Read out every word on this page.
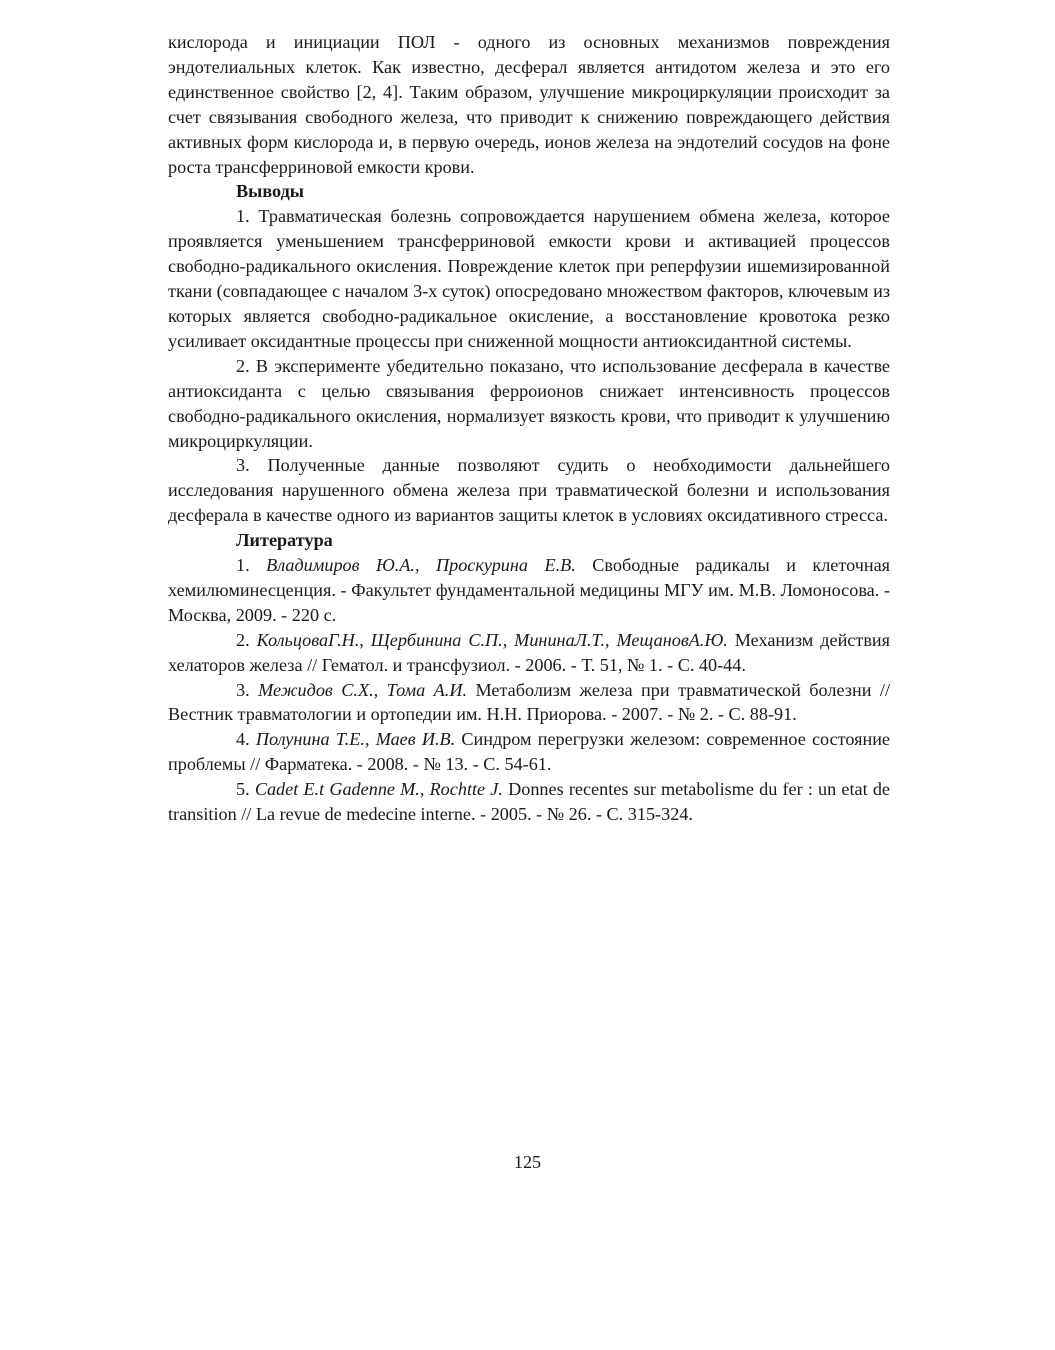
кислорода и инициации ПОЛ - одного из основных механизмов повреждения эндотелиальных клеток. Как известно, десферал является антидотом железа и это его единственное свойство [2, 4]. Таким образом, улучшение микроциркуляции происходит за счет связывания свободного железа, что приводит к снижению повреждающего действия активных форм кислорода и, в первую очередь, ионов железа на эндотелий сосудов на фоне роста трансферриновой емкости крови.

Выводы

1. Травматическая болезнь сопровождается нарушением обмена железа, которое проявляется уменьшением трансферриновой емкости крови и активацией процессов свободно-радикального окисления. Повреждение клеток при реперфузии ишемизированной ткани (совпадающее с началом 3-х суток) опосредовано множеством факторов, ключевым из которых является свободно-радикальное окисление, а восстановление кровотока резко усиливает оксидантные процессы при сниженной мощности антиоксидантной системы.

2. В эксперименте убедительно показано, что использование десферала в качестве антиоксиданта с целью связывания ферроионов снижает интенсивность процессов свободно-радикального окисления, нормализует вязкость крови, что приводит к улучшению микроциркуляции.

3. Полученные данные позволяют судить о необходимости дальнейшего исследования нарушенного обмена железа при травматической болезни и использования десферала в качестве одного из вариантов защиты клеток в условиях оксидативного стресса.

Литература

1. Владимиров Ю.А., Проскурина Е.В. Свободные радикалы и клеточная хемилюминесценция. - Факультет фундаментальной медицины МГУ им. М.В. Ломоносова. - Москва, 2009. - 220 с.

2. КольцоваГ.Н., Щербинина С.П., МининаЛ.Т., МещановА.Ю. Механизм действия хелаторов железа // Гематол. и трансфузиол. - 2006. - Т. 51, № 1. - С. 40-44.

3. Межидов С.Х., Тома А.И. Метаболизм железа при травматической болезни // Вестник травматологии и ортопедии им. Н.Н. Приорова. - 2007. - № 2. - С. 88-91.

4. Полунина Т.Е., Маев И.В. Синдром перегрузки железом: современное состояние проблемы // Фарматека. - 2008. - № 13. - С. 54-61.

5. Cadet E.t Gadenne M., Rochtte J. Donnes recentes sur metabolisme du fer : un etat de transition // La revue de medecine interne. - 2005. - № 26. - С. 315-324.

125
